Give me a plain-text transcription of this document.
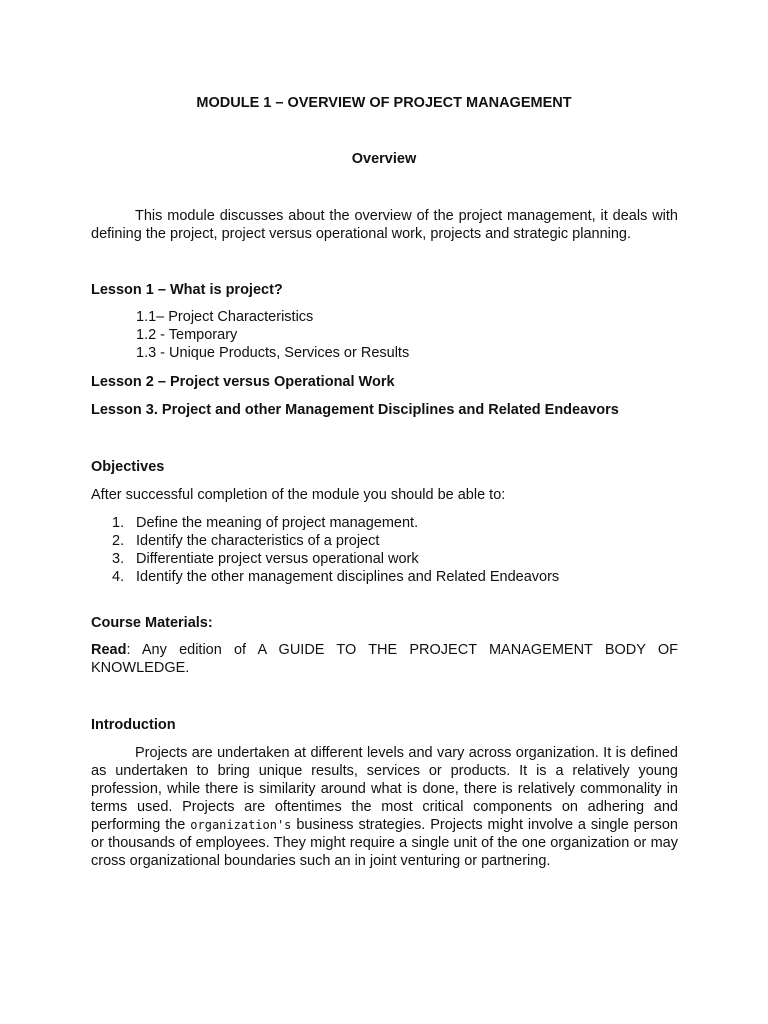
MODULE 1 – OVERVIEW OF PROJECT MANAGEMENT
Overview
This module discusses about the overview of the project management, it deals with defining the project, project versus operational work, projects and strategic planning.
Lesson 1 – What is project?
1.1– Project Characteristics
1.2 - Temporary
1.3 - Unique Products, Services or Results
Lesson 2 – Project versus Operational Work
Lesson 3. Project and other Management Disciplines and Related Endeavors
Objectives
After successful completion of the module you should be able to:
1. Define the meaning of project management.
2. Identify the characteristics of a project
3. Differentiate project versus operational work
4. Identify the other management disciplines and Related Endeavors
Course Materials:
Read: Any edition of A GUIDE TO THE PROJECT MANAGEMENT BODY OF KNOWLEDGE.
Introduction
Projects are undertaken at different levels and vary across organization. It is defined as undertaken to bring unique results, services or products. It is a relatively young profession, while there is similarity around what is done, there is relatively commonality in terms used. Projects are oftentimes the most critical components on adhering and performing the organization's business strategies. Projects might involve a single person or thousands of employees. They might require a single unit of the one organization or may cross organizational boundaries such an in joint venturing or partnering.
